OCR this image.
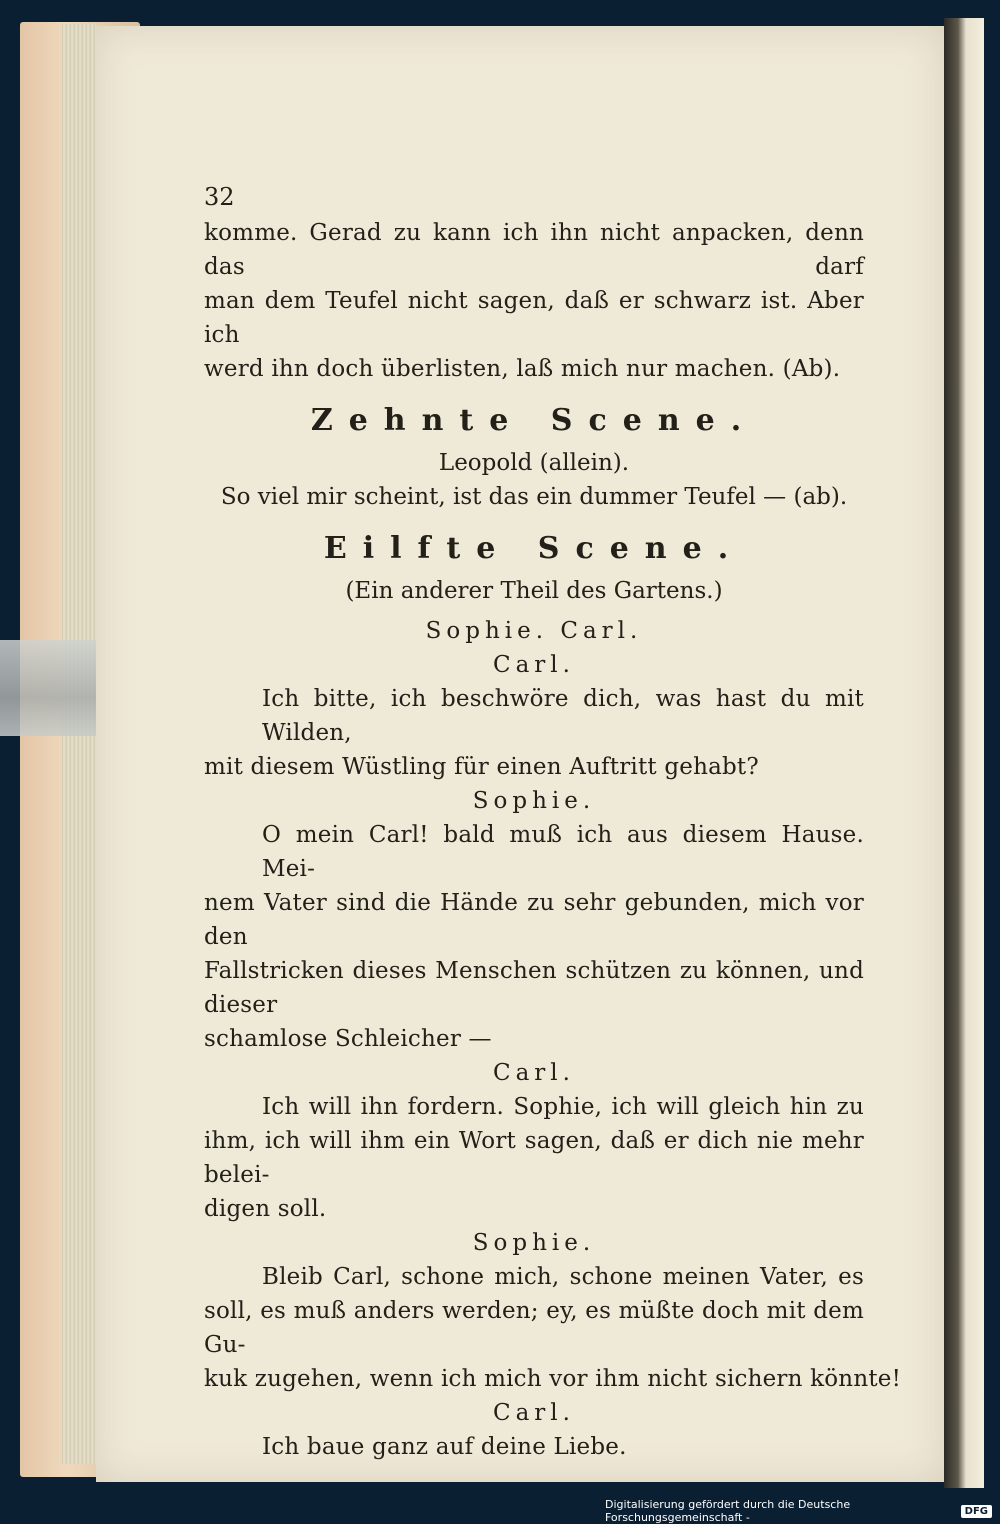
32
komme. Gerad zu kann ich ihn nicht anpacken, denn das darf
man dem Teufel nicht sagen, daß er schwarz ist. Aber ich
werd ihn doch überlisten, laß mich nur machen. (Ab).
Zehnte Scene.
Leopold (allein).
So viel mir scheint, ist das ein dummer Teufel — (ab).
Eilfte Scene.
(Ein anderer Theil des Gartens.)
Sophie. Carl.
Carl.
Ich bitte, ich beschwöre dich, was hast du mit Wilden,
mit diesem Wüstling für einen Auftritt gehabt?
Sophie.
O mein Carl! bald muß ich aus diesem Hause. Mei-
nem Vater sind die Hände zu sehr gebunden, mich vor den
Fallstricken dieses Menschen schützen zu können, und dieser
schamlose Schleicher —
Carl.
Ich will ihn fordern. Sophie, ich will gleich hin zu
ihm, ich will ihm ein Wort sagen, daß er dich nie mehr belei-
digen soll.
Sophie.
Bleib Carl, schone mich, schone meinen Vater, es
soll, es muß anders werden; ey, es müßte doch mit dem Gu-
kuk zugehen, wenn ich mich vor ihm nicht sichern könnte!
Carl.
Ich baue ganz auf deine Liebe.
Digitalisierung gefördert durch die Deutsche Forschungsgemeinschaft -	DFG
